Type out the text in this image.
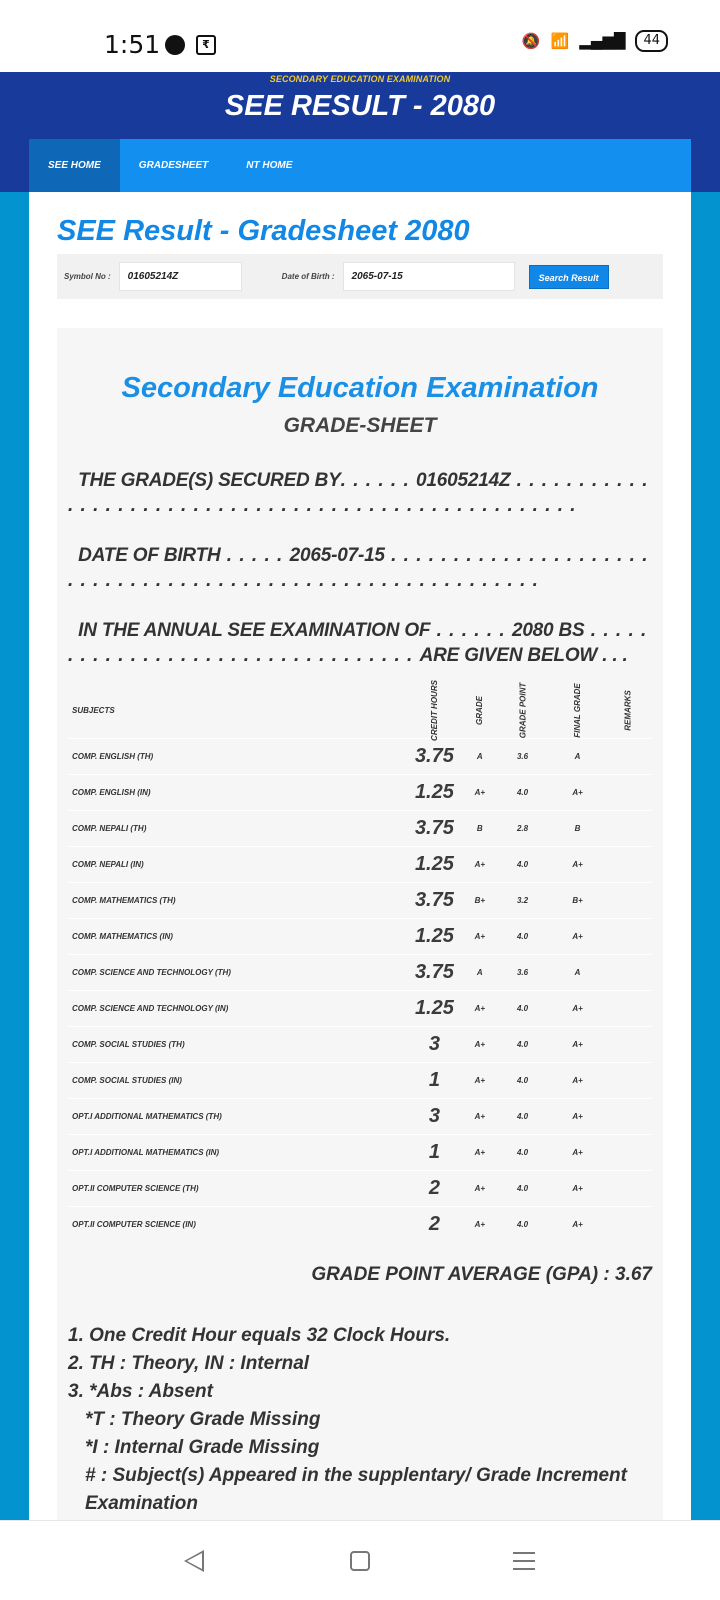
1:51	₹	🔕 📶 ▂▄▆█	44
SECONDARY EDUCATION EXAMINATION
SEE RESULT - 2080
SEE HOME	GRADESHEET	NT HOME
SEE Result - Gradesheet 2080
Symbol No :	01605214Z	Date of Birth :	2065-07-15	Search Result
Secondary Education Examination
GRADE-SHEET
THE GRADE(S) SECURED BY. . . . . . 01605214Z . . . . . . . . . . . . . . . . . . . . . . . . . . . . . . . . . . . . . . . . . . . . . . . . . . . .
DATE OF BIRTH . . . . . 2065-07-15 . . . . . . . . . . . . . . . . . . . . . . . . . . . . . . . . . . . . . . . . . . . . . . . . . . . . . . . . . . .
IN THE ANNUAL SEE EXAMINATION OF . . . . . . 2080 BS . . . . . . . . . . . . . . . . . . . . . . . . . . . . . . . . . ARE GIVEN BELOW . . .
SUBJECTS	CREDIT HOURS	GRADE	GRADE POINT	FINAL GRADE	REMARKS
COMP. ENGLISH (TH)	3.75	A	3.6	A	
COMP. ENGLISH (IN)	1.25	A+	4.0	A+	
COMP. NEPALI (TH)	3.75	B	2.8	B	
COMP. NEPALI (IN)	1.25	A+	4.0	A+	
COMP. MATHEMATICS (TH)	3.75	B+	3.2	B+	
COMP. MATHEMATICS (IN)	1.25	A+	4.0	A+	
COMP. SCIENCE AND TECHNOLOGY (TH)	3.75	A	3.6	A	
COMP. SCIENCE AND TECHNOLOGY (IN)	1.25	A+	4.0	A+	
COMP. SOCIAL STUDIES (TH)	3	A+	4.0	A+	
COMP. SOCIAL STUDIES (IN)	1	A+	4.0	A+	
OPT.I ADDITIONAL MATHEMATICS (TH)	3	A+	4.0	A+	
OPT.I ADDITIONAL MATHEMATICS (IN)	1	A+	4.0	A+	
OPT.II COMPUTER SCIENCE (TH)	2	A+	4.0	A+	
OPT.II COMPUTER SCIENCE (IN)	2	A+	4.0	A+	
GRADE POINT AVERAGE (GPA) : 3.67
1. One Credit Hour equals 32 Clock Hours.
2. TH : Theory, IN : Internal
3. *Abs : Absent
*T : Theory Grade Missing
*I : Internal Grade Missing
# : Subject(s) Appeared in the supplentary/ Grade Increment Examination
